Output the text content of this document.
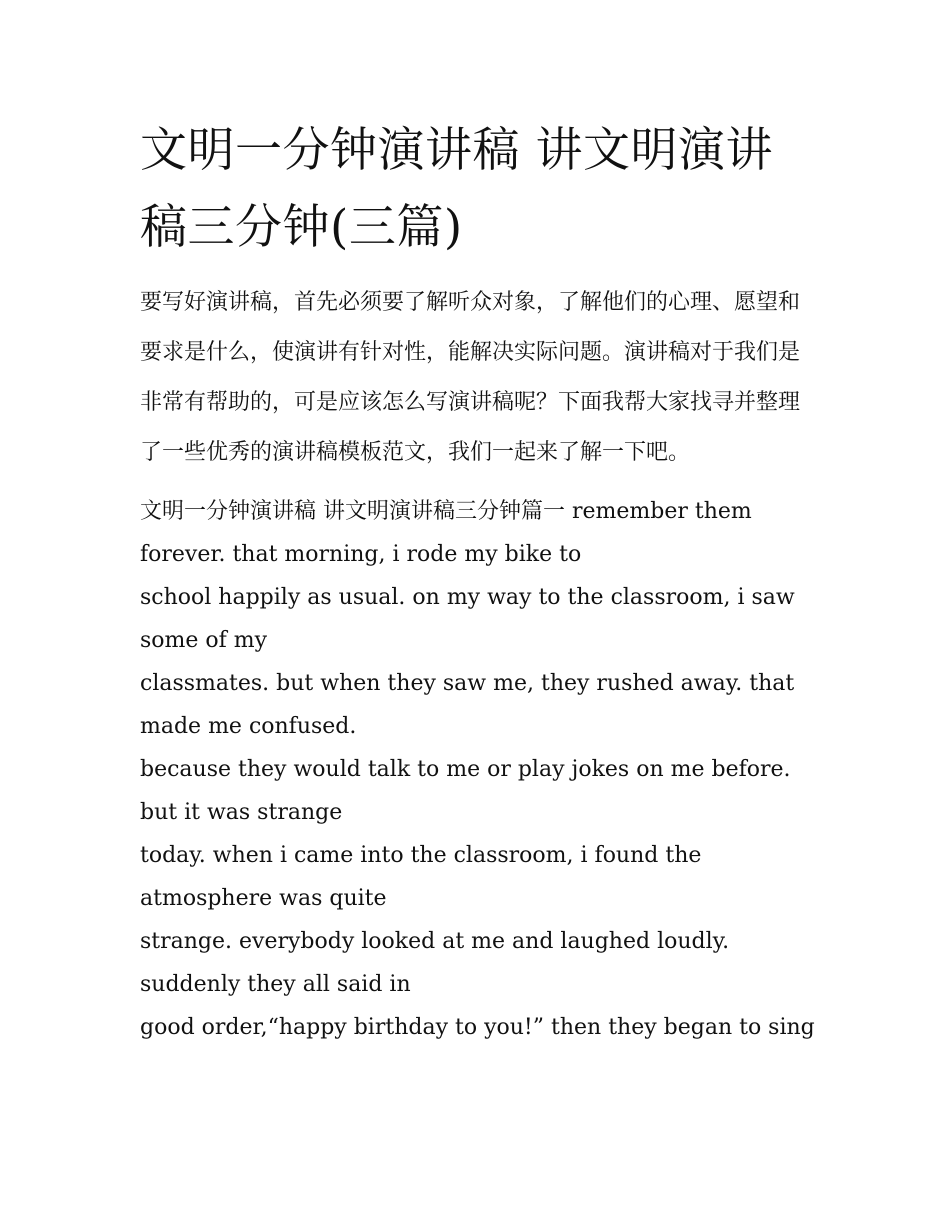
文明一分钟演讲稿 讲文明演讲稿三分钟(三篇)

要写好演讲稿，首先必须要了解听众对象，了解他们的心理、愿望和要求是什么，使演讲有针对性，能解决实际问题。演讲稿对于我们是非常有帮助的，可是应该怎么写演讲稿呢？下面我帮大家找寻并整理了一些优秀的演讲稿模板范文，我们一起来了解一下吧。

文明一分钟演讲稿 讲文明演讲稿三分钟篇一 remember them forever. that morning, i rode my bike to

school happily as usual. on my way to the classroom, i saw some of my

classmates. but when they saw me, they rushed away. that made me confused.

because they would talk to me or play jokes on me before. but it was strange

today. when i came into the classroom, i found the atmosphere was quite

strange. everybody looked at me and laughed loudly. suddenly they all said in

good order,“happy birthday to you!” then they began to sing
